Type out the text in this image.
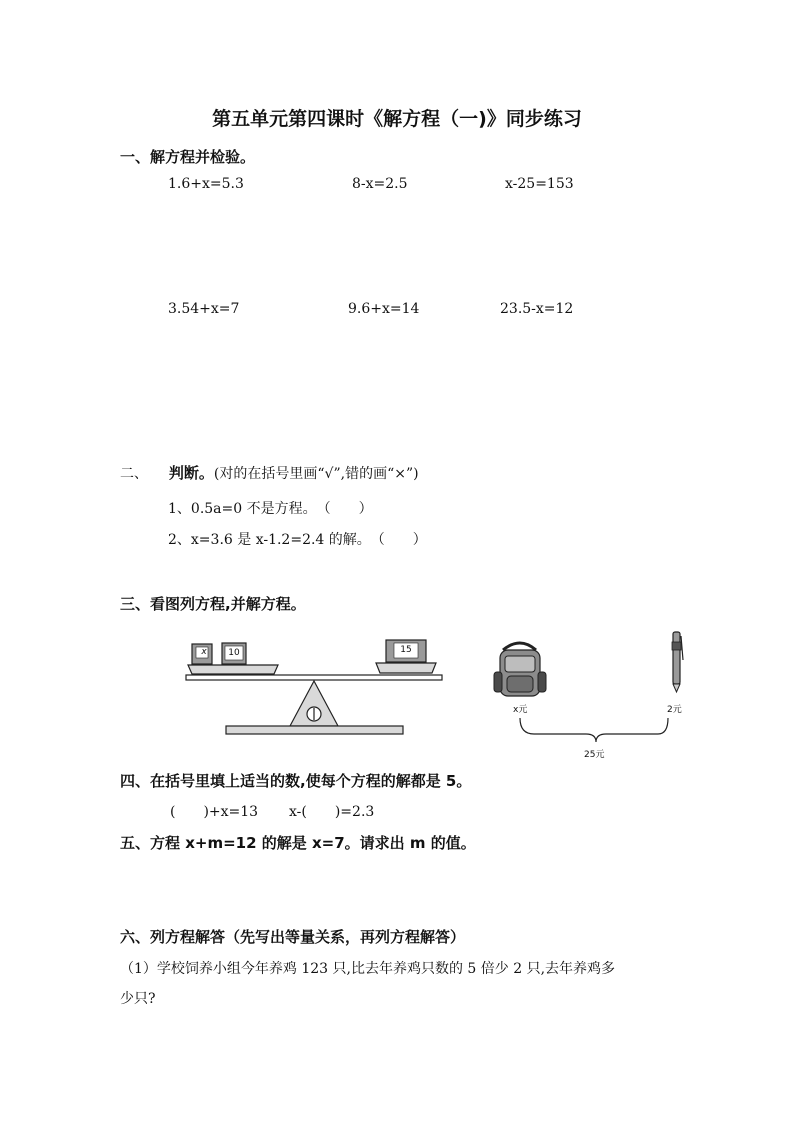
第五单元第四课时《解方程（一)》同步练习
一、解方程并检验。
1.6+x=5.3	8-x=2.5	x-25=153
3.54+x=7	9.6+x=14	23.5-x=12
二、 判断。(对的在括号里画“√”,错的画“×”)
1、0.5a=0 不是方程。　（　　）
2、x=3.6 是 x-1.2=2.4 的解。　（　　）
三、看图列方程,并解方程。
x	10	15
x元	2元
25元
四、在括号里填上适当的数,使每个方程的解都是 5。
(　　)+x=13 x-(　　)=2.3
五、方程 x+m=12 的解是 x=7。请求出 m 的值。
六、列方程解答（先写出等量关系，再列方程解答）
（1）学校饲养小组今年养鸡 123 只,比去年养鸡只数的 5 倍少 2 只,去年养鸡多
少只?
